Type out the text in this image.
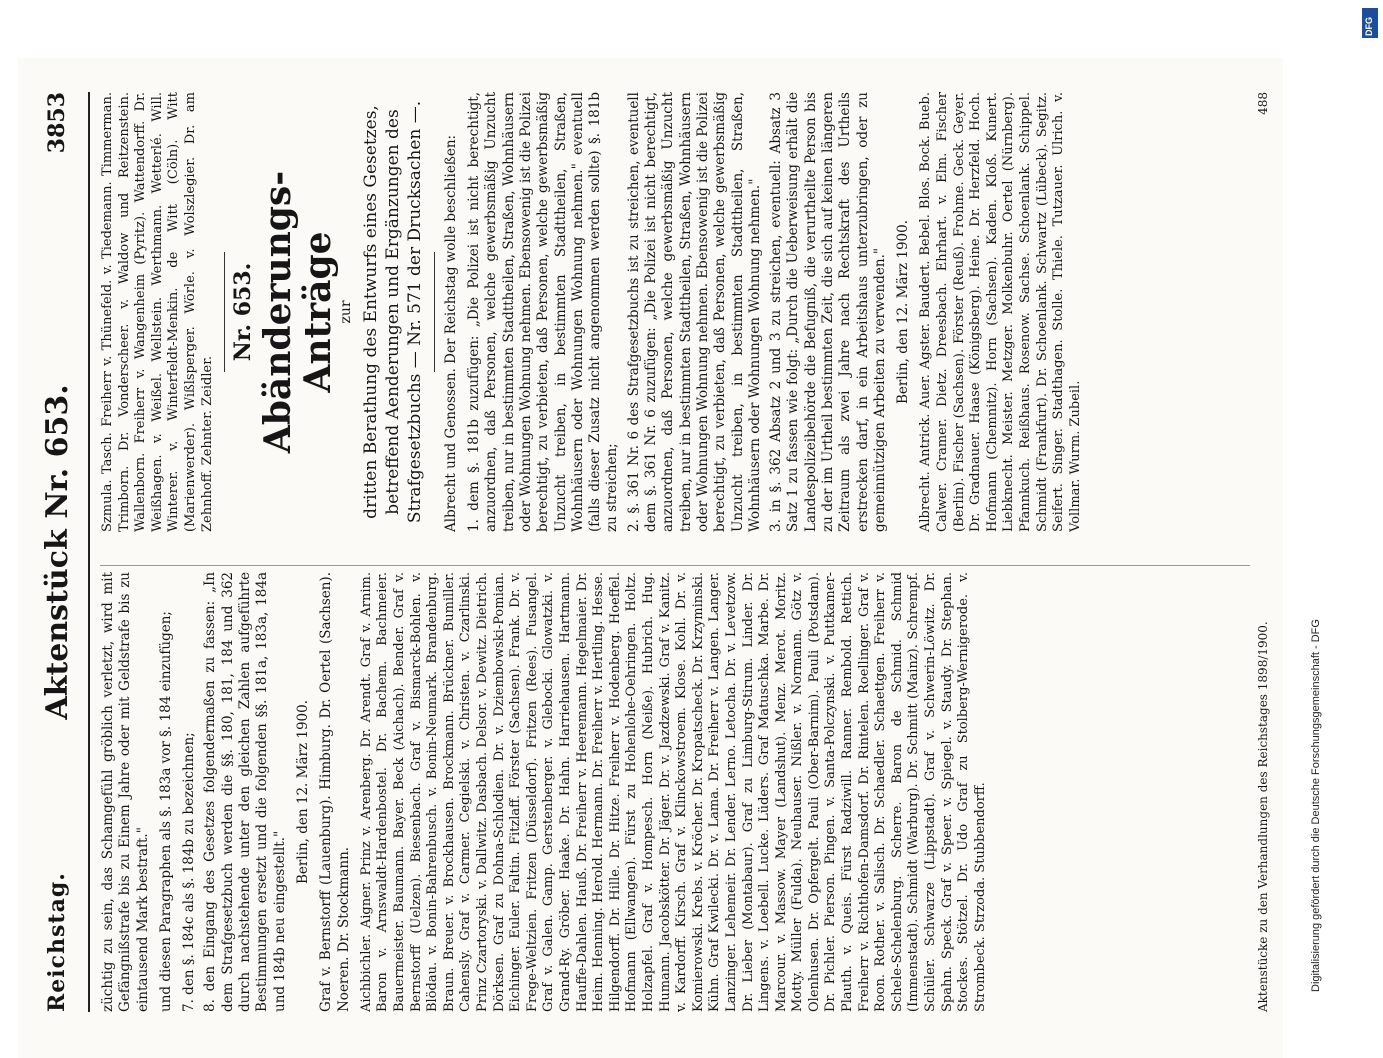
Reichstag.
Aktenstück Nr. 653.
3853

züchtig zu sein, das Schamgefühl gröblich verletzt, wird mit Gefängnißstrafe bis zu Einem Jahre oder mit Geldstrafe bis zu eintausend Mark bestraft." und diesen Paragraphen als §. 183a vor §. 184 einzufügen; 7. den §. 184c als §. 184b zu bezeichnen; 8. den Eingang des Gesetzes folgendermaßen zu fassen: „In dem Strafgesetzbuch werden die §§. 180, 181, 184 und 362 durch nachstehende unter den gleichen Zahlen aufgeführte Bestimmungen ersetzt und die folgenden §§. 181a, 183a, 184a und 184b neu eingestellt."

Berlin, den 12. März 1900. Graf v. Bernstorff (Lauenburg). Himburg. Dr. Oertel (Sachsen). Noeren. Dr. Stockmann. Aichbichler. Aigner. Prinz v. Arenberg. Dr. Arendt. Graf v. Arnim. Baron v. Arnswaldt-Hardenbostel. Dr. Bachem. Bachmeier. Bauermeister. Baumann. Bayer. Beck (Aichach). Bender. Graf v. Bernstorff (Uelzen). Biesenbach. Graf v. Bismarck-Bohlen. v. Blödau. v. Bonin-Bahrenbusch. v. Bonin-Neumark. Brandenburg. Braun. Breuer. v. Brockhausen. Brockmann. Brückner. Bumiller. Cahensly. Graf v. Carmer. Cegielski. v. Christen. v. Czarlinski. Prinz Czartoryski. v. Dallwitz. Dasbach. Delsor. v. Dewitz. Dietrich. Dörksen. Graf zu Dohna-Schlodien. Dr. v. Dziembowski-Pomian. Eichinger. Euler. Faltin. Fitzlaff. Förster (Sachsen). Frank. Dr. v. Frege-Weltzien. Fritzen (Düsseldorf). Fritzen (Rees). Fusangel. Graf v. Galen. Gamp. Gerstenberger. v. Glebocki. Glowatzki. v. Grand-Ry. Gröber. Haake. Dr. Hahn. Harriehausen. Hartmann. Hauffe-Dahlen. Hauß. Dr. Freiherr v. Heeremann. Hegelmaier. Dr. Heim. Henning. Herold. Hermann. Dr. Freiherr v. Hertling. Hesse. Hilgendorff. Dr. Hille. Dr. Hitze. Freiherr v. Hodenberg. Hoeffel. Hofmann (Ellwangen). Fürst zu Hohenlohe-Oehringen. Holtz. Holzapfel. Graf v. Hompesch. Horn (Neiße). Hubrich. Hug. Humann. Jacobskötter. Dr. Jäger. Dr. v. Jazdzewski. Graf v. Kanitz. v. Kardorff. Kirsch. Graf v. Klinckowstroem. Klose. Kohl. Dr. v. Komierowski. Krebs. v. Kröcher. Dr. Kropatscheck. Dr. Krzyminski. Kühn. Graf Kwilecki. Dr. v. Lama. Dr. Freiherr v. Langen. Langer. Lanzinger. Lehemeir. Dr. Lender. Lerno. Letocha. Dr. v. Levetzow. Dr. Lieber (Montabaur). Graf zu Limburg-Stirum. Linder. Dr. Lingens. v. Loebell. Lucke. Lüders. Graf Matuschka. Marbe. Dr. Marcour. v. Massow. Mayer (Landshut). Menz. Merot. Moritz. Motty. Müller (Fulda). Neuhauser. Nißler. v. Normann. Götz v. Olenhusen. Dr. Opfergelt. Pauli (Ober-Barnim). Pauli (Potsdam). Dr. Pichler. Pierson. Pingen. v. Santa-Polczynski. v. Puttkamer-Plauth. v. Queis. Fürst Radziwill. Ranner. Rembold. Rettich. Freiherr v. Richthofen-Damsdorf. Dr. Rintelen. Roellinger. Graf v. Roon. Rother. v. Salisch. Dr. Schaedler. Schaettgen. Freiherr v. Schele-Schelenburg. Scherre. Baron de Schmid. Schmid (Immenstadt). Schmidt (Warburg). Dr. Schmitt (Mainz). Schrempf. Schüler. Schwarze (Lippstadt). Graf v. Schwerin-Löwitz. Dr. Spahn. Speck. Graf v. Speer. v. Spiegel. v. Staudy. Dr. Stephan. Stockes. Stötzel. Dr. Udo Graf zu Stolberg-Wernigerode. v. Strombeck. Strzoda. Stubbendorff.

Szmula. Tasch. Freiherr v. Thünefeld. v. Tiedemann. Timmerman. Trimborn. Dr. Vonderscheer. v. Waldow und Reitzenstein. Wallenborn. Freiherr v. Wangenheim (Pyritz). Wattendorff. Dr. Weißhagen. v. Weißel. Wellstein. Werthmann. Wetterlé. Will. Winterer. v. Winterfeldt-Menkin. de Witt (Cöln). Witt (Marienwerder). Wißlsperger. Wörle. v. Wolszlegier. Dr. am Zehnhoff. Zehnter. Zeidler.

Nr. 653. Abänderungs-Anträge zur dritten Berathung des Entwurfs eines Gesetzes, betreffend Aenderungen und Ergänzungen des Strafgesetzbuchs — Nr. 571 der Drucksachen —. Albrecht und Genossen. Der Reichstag wolle beschließen: 1. dem §. 181b zuzufügen: „Die Polizei ist nicht berechtigt, anzuordnen, daß Personen, welche gewerbsmäßig Unzucht treiben, nur in bestimmten Stadttheilen, Straßen, Wohnhäusern oder Wohnungen Wohnung nehmen. Ebensowenig ist die Polizei berechtigt, zu verbieten, daß Personen, welche gewerbsmäßig Unzucht treiben, in bestimmten Stadttheilen, Straßen, Wohnhäusern oder Wohnungen Wohnung nehmen." eventuell (falls dieser Zusatz nicht angenommen werden sollte) §. 181b zu streichen; 2. §. 361 Nr. 6 des Strafgesetzbuchs ist zu streichen, eventuell dem §. 361 Nr. 6 zuzufügen: „Die Polizei ist nicht berechtigt, anzuordnen, daß Personen, welche gewerbsmäßig Unzucht treiben, nur in bestimmten Stadttheilen, Straßen, Wohnhäusern oder Wohnungen Wohnung nehmen. Ebensowenig ist die Polizei berechtigt, zu verbieten, daß Personen, welche gewerbsmäßig Unzucht treiben, in bestimmten Stadttheilen, Straßen, Wohnhäusern oder Wohnungen Wohnung nehmen." 3. in §. 362 Absatz 2 und 3 zu streichen, eventuell: Absatz 3 Satz 1 zu fassen wie folgt: „Durch die Ueberweisung erhält die Landespolizeibehörde die Befugniß, die verurtheilte Person bis zu der im Urtheil bestimmten Zeit, die sich auf keinen längeren Zeitraum als zwei Jahre nach Rechtskraft des Urtheils erstrecken darf, in ein Arbeitshaus unterzubringen, oder zu gemeinnützigen Arbeiten zu verwenden." Berlin, den 12. März 1900. Albrecht. Antrick. Auer. Agster. Baudert. Bebel. Blos. Bock. Bueb. Calwer. Cramer. Dietz. Dreesbach. Ehrhart. v. Elm. Fischer (Berlin). Fischer (Sachsen). Förster (Reuß). Frohme. Geck. Geyer. Dr. Gradnauer. Haase (Königsberg). Heine. Dr. Herzfeld. Hoch. Hofmann (Chemnitz). Horn (Sachsen). Kaden. Kloß. Kunert. Liebknecht. Meister. Metzger. Molkenbuhr. Oertel (Nürnberg). Pfannkuch. Reißhaus. Rosenow. Sachse. Schoenlank. Schippel. Schmidt (Frankfurt). Dr. Schoenlank. Schwartz (Lübeck). Segitz. Seifert. Singer. Stadthagen. Stolle. Thiele. Tutzauer. Ulrich. v. Vollmar. Wurm. Zubeil.

Aktenstücke zu den Verhandlungen des Reichstages 1898/1900.
488
Digitalisierung gefördert durch die Deutsche Forschungsgemeinschaft - DFG
DFG
